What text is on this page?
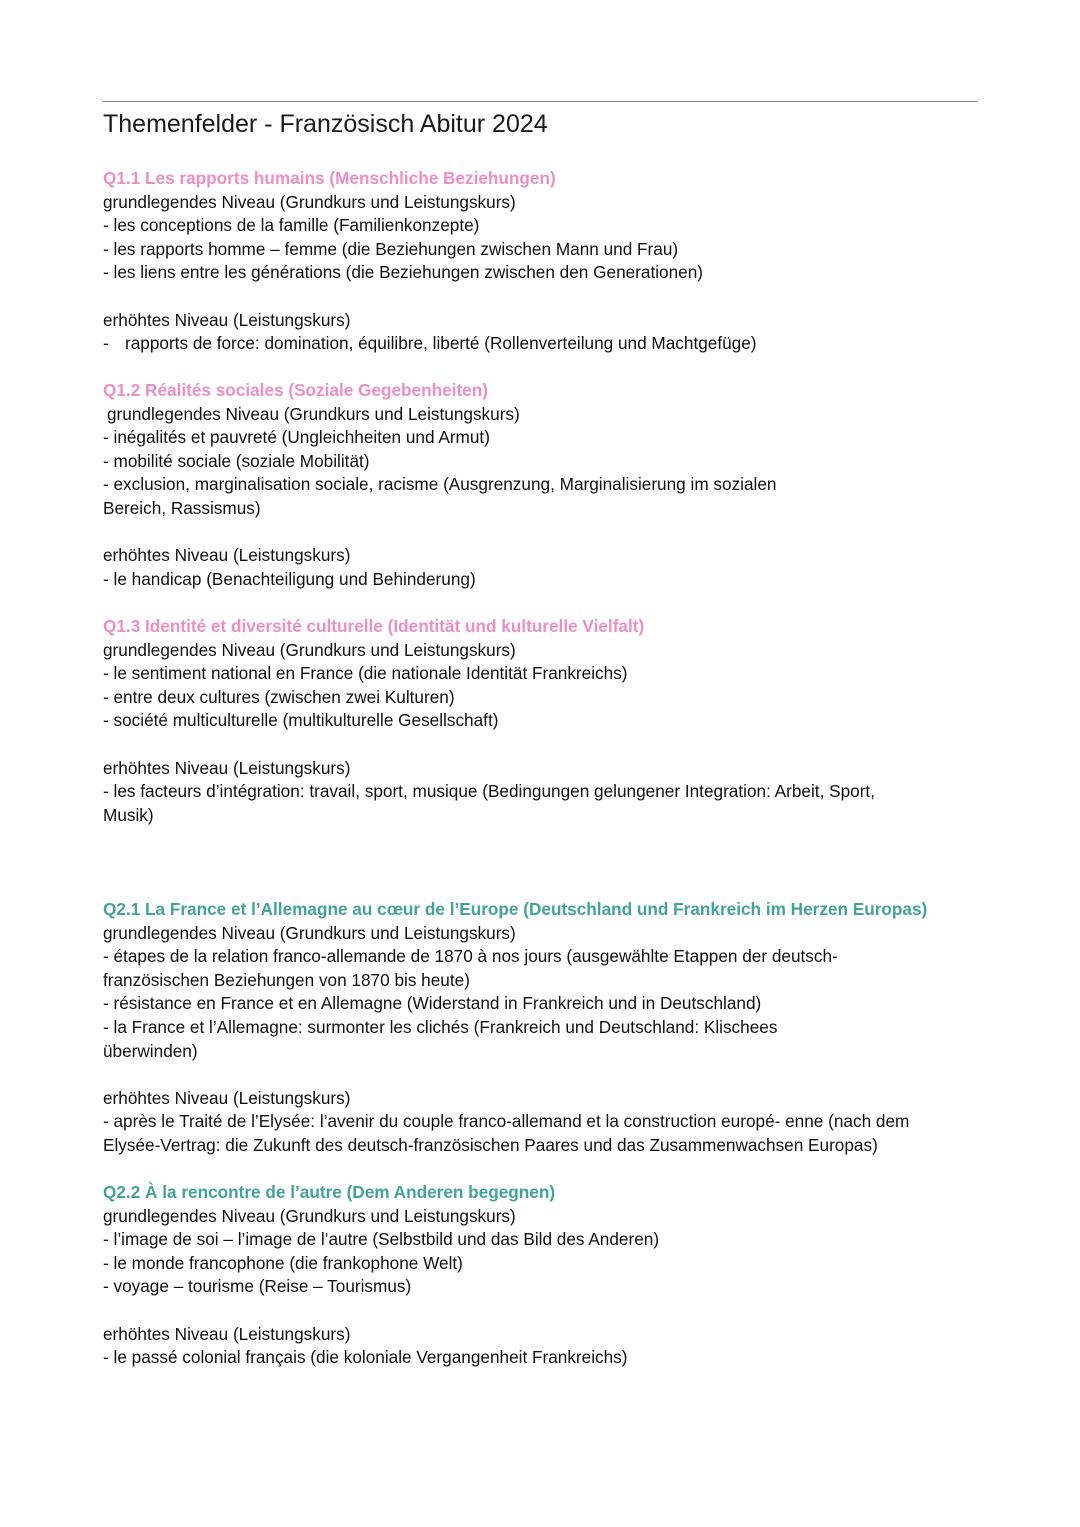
Themenfelder - Französisch Abitur 2024
Q1.1 Les rapports humains (Menschliche Beziehungen)
grundlegendes Niveau (Grundkurs und Leistungskurs)
- les conceptions de la famille (Familienkonzepte)
- les rapports homme – femme (die Beziehungen zwischen Mann und Frau)
- les liens entre les générations (die Beziehungen zwischen den Generationen)
erhöhtes Niveau (Leistungskurs)
- rapports de force: domination, équilibre, liberté (Rollenverteilung und Machtgefüge)
Q1.2 Réalités sociales (Soziale Gegebenheiten)
grundlegendes Niveau (Grundkurs und Leistungskurs)
- inégalités et pauvreté (Ungleichheiten und Armut)
- mobilité sociale (soziale Mobilität)
- exclusion, marginalisation sociale, racisme (Ausgrenzung, Marginalisierung im sozialen
Bereich, Rassismus)
erhöhtes Niveau (Leistungskurs)
- le handicap (Benachteiligung und Behinderung)
Q1.3 Identité et diversité culturelle (Identität und kulturelle Vielfalt)
grundlegendes Niveau (Grundkurs und Leistungskurs)
- le sentiment national en France (die nationale Identität Frankreichs)
- entre deux cultures (zwischen zwei Kulturen)
- société multiculturelle (multikulturelle Gesellschaft)
erhöhtes Niveau (Leistungskurs)
- les facteurs d’intégration: travail, sport, musique (Bedingungen gelungener Integration: Arbeit, Sport,
Musik)
Q2.1 La France et l’Allemagne au cœur de l’Europe (Deutschland und Frankreich im Herzen Europas)
grundlegendes Niveau (Grundkurs und Leistungskurs)
- étapes de la relation franco-allemande de 1870 à nos jours (ausgewählte Etappen der deutsch-
französischen Beziehungen von 1870 bis heute)
- résistance en France et en Allemagne (Widerstand in Frankreich und in Deutschland)
- la France et l’Allemagne: surmonter les clichés (Frankreich und Deutschland: Klischees
überwinden)
erhöhtes Niveau (Leistungskurs)
- après le Traité de l’Elysée: l’avenir du couple franco-allemand et la construction europé- enne (nach dem
Elysée-Vertrag: die Zukunft des deutsch-französischen Paares und das Zusammenwachsen Europas)
Q2.2 À la rencontre de l’autre (Dem Anderen begegnen)
grundlegendes Niveau (Grundkurs und Leistungskurs)
- l’image de soi – l’image de l’autre (Selbstbild und das Bild des Anderen)
- le monde francophone (die frankophone Welt)
- voyage – tourisme (Reise – Tourismus)
erhöhtes Niveau (Leistungskurs)
- le passé colonial français (die koloniale Vergangenheit Frankreichs)
